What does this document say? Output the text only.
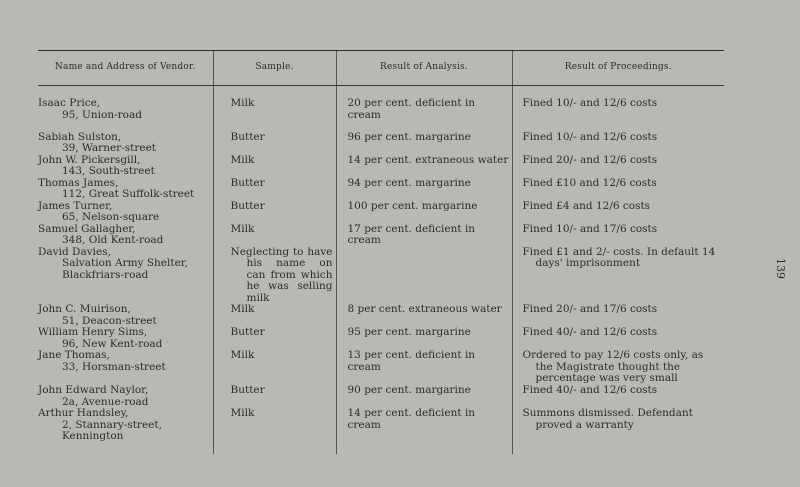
Name and Address of Vendor.	Sample.	Result of Analysis.	Result of Proceedings.
Isaac Price,
95, Union-road	Milk	20 per cent. deficient in cream	Fined 10/- and 12/6 costs
Sabiah Sulston,
39, Warner-street	Butter	96 per cent. margarine	Fined 10/- and 12/6 costs
John W. Pickersgill,
143, South-street	Milk	14 per cent. extraneous water	Fined 20/- and 12/6 costs
Thomas James,
112, Great Suffolk-street	Butter	94 per cent. margarine	Fined £10 and 12/6 costs
James Turner,
65, Nelson-square	Butter	100 per cent. margarine	Fined £4 and 12/6 costs
Samuel Gallagher,
348, Old Kent-road	Milk	17 per cent. deficient in cream	Fined 10/- and 17/6 costs
David Davies,
Salvation Army Shelter,
Blackfriars-road	Neglecting to have his name on can from which he was selling milk		Fined £1 and 2/- costs. In default 14 days' imprisonment

John C. Muirison,
51, Deacon-street	Milk	8 per cent. extraneous water	Fined 20/- and 17/6 costs
William Henry Sims,
96, New Kent-road	Butter	95 per cent. margarine	Fined 40/- and 12/6 costs
Jane Thomas,
33, Horsman-street	Milk	13 per cent. deficient in cream	Ordered to pay 12/6 costs only, as the Magistrate thought the percentage was very small

John Edward Naylor,
2a, Avenue-road	Butter	90 per cent. margarine	Fined 40/- and 12/6 costs
Arthur Handsley,
2, Stannary-street, Kennington	Milk	14 per cent. deficient in cream	Summons dismissed. Defendant proved a warranty
139
